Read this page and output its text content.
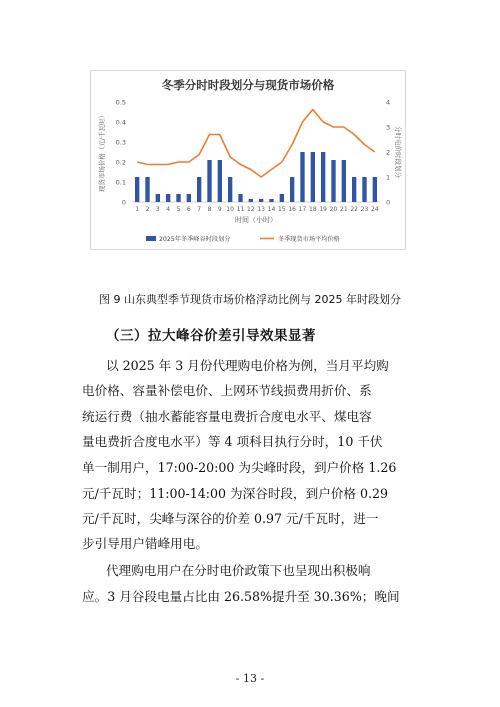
冬季分时时段划分与现货市场价格
0
0.1
0.2
0.3
0.4
0.5
0
1
2
3
4
1 2 3 4 5 6 7 8 9 10 11 12 13 14 15 16 17 18 19 20 21 22 23 24
时间（小时）
现货市场价格（元/千瓦时）	分时电价时段划分
2025年冬季峰谷时段划分	冬季现货市场平均价格
图 9 山东典型季节现货市场价格浮动比例与 2025 年时段划分
（三）拉大峰谷价差引导效果显著
以 2025 年 3 月份代理购电价格为例，当月平均购
电价格、容量补偿电价、上网环节线损费用折价、系
统运行费（抽水蓄能容量电费折合度电水平、煤电容
量电费折合度电水平）等 4 项科目执行分时，10 千伏
单一制用户，17:00-20:00 为尖峰时段，到户价格 1.26
元/千瓦时；11:00-14:00 为深谷时段，到户价格 0.29
元/千瓦时，尖峰与深谷的价差 0.97 元/千瓦时，进一
步引导用户错峰用电。
代理购电用户在分时电价政策下也呈现出积极响
应。3 月谷段电量占比由 26.58%提升至 30.36%；晚间
- 13 -
